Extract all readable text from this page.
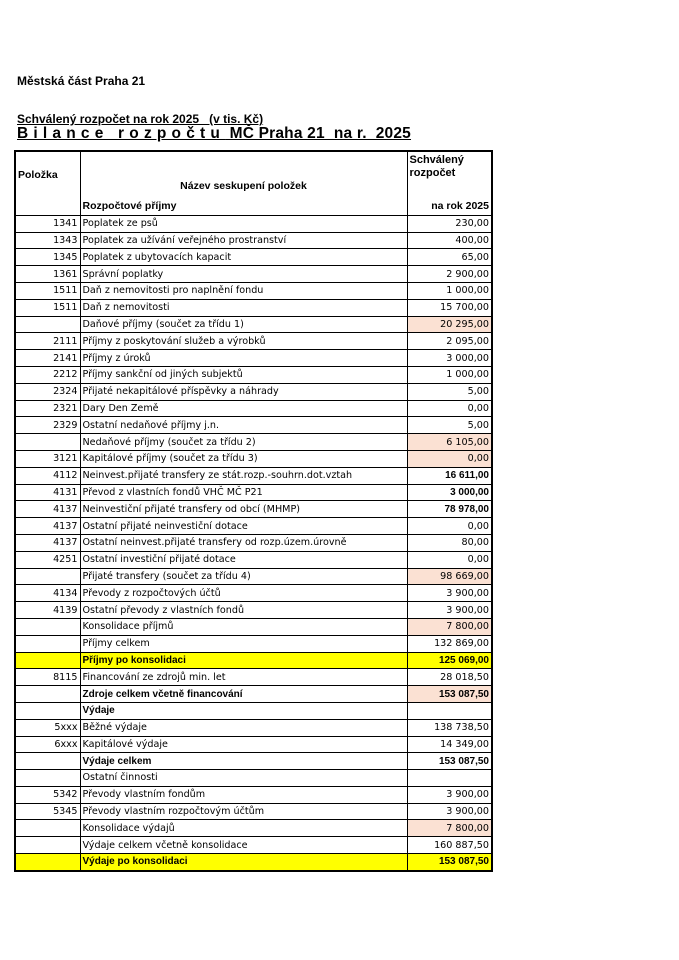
Městská část Praha 21
Schválený rozpočet na rok 2025   (v tis. Kč)
Bilance rozpočtu MČ Praha 21  na r.  2025
Položka	Název seskupení položek	Schválený
rozpočet
	Rozpočtové příjmy	na rok 2025
1341	Poplatek ze psů	230,00
1343	Poplatek za užívání veřejného prostranství	400,00
1345	Poplatek z ubytovacích kapacit	65,00
1361	Správní poplatky	2 900,00
1511	Daň z nemovitosti pro naplnění fondu	1 000,00
1511	Daň z nemovitosti	15 700,00
	Daňové příjmy (součet za třídu 1)	20 295,00
2111	Příjmy z poskytování služeb a výrobků	2 095,00
2141	Příjmy z úroků	3 000,00
2212	Příjmy sankční od jiných subjektů	1 000,00
2324	Přijaté nekapitálové příspěvky a náhrady	5,00
2321	Dary Den Země	0,00
2329	Ostatní nedaňové příjmy j.n.	5,00
	Nedaňové příjmy (součet za třídu 2)	6 105,00
3121	Kapitálové příjmy (součet za třídu 3)	0,00
4112	Neinvest.přijaté transfery ze stát.rozp.-souhrn.dot.vztah	16 611,00
4131	Převod z vlastních fondů VHČ MČ P21	3 000,00
4137	Neinvestiční přijaté transfery od obcí (MHMP)	78 978,00
4137	Ostatní přijaté neinvestiční dotace	0,00
4137	Ostatní neinvest.přijaté transfery od rozp.územ.úrovně	80,00
4251	Ostatní investiční přijaté dotace	0,00
	Přijaté transfery (součet za třídu 4)	98 669,00
4134	Převody z rozpočtových účtů	3 900,00
4139	Ostatní převody z vlastních fondů	3 900,00
	Konsolidace příjmů	7 800,00
	Příjmy celkem	132 869,00
	Příjmy po konsolidaci	125 069,00
8115	Financování ze zdrojů min. let	28 018,50
	Zdroje celkem včetně financování	153 087,50
	Výdaje	
5xxx	Běžné výdaje	138 738,50
6xxx	Kapitálové výdaje	14 349,00
	Výdaje celkem	153 087,50
	Ostatní činnosti	
5342	Převody vlastním fondům	3 900,00
5345	Převody vlastním rozpočtovým účtům	3 900,00
	Konsolidace výdajů	7 800,00
	Výdaje celkem včetně konsolidace	160 887,50
	Výdaje po konsolidaci	153 087,50
